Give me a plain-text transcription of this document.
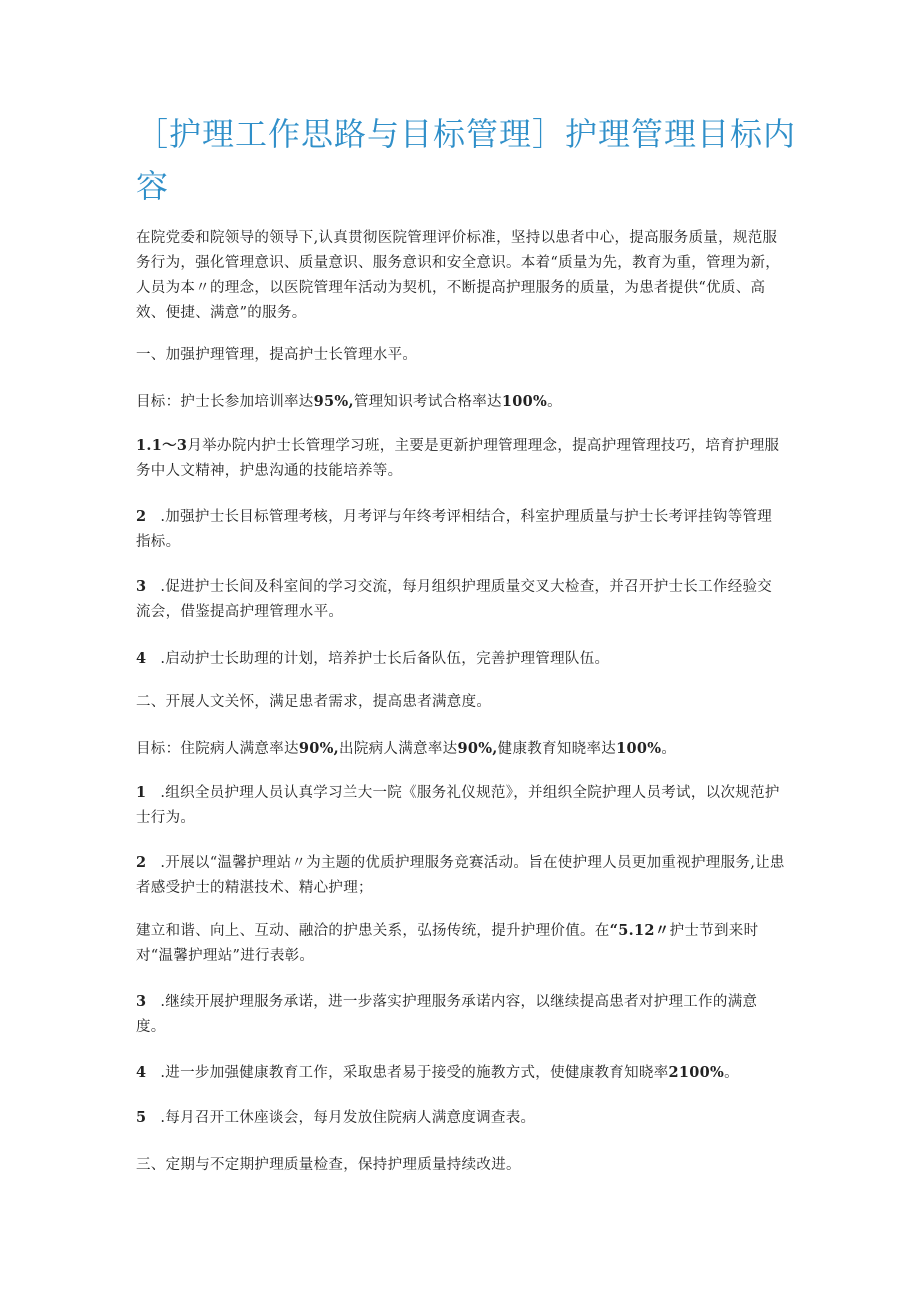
［护理工作思路与目标管理］护理管理目标内容

在院党委和院领导的领导下,认真贯彻医院管理评价标准，坚持以患者中心，提高服务质量，规范服务行为，强化管理意识、质量意识、服务意识和安全意识。本着“质量为先，教育为重，管理为新，人员为本〃的理念，以医院管理年活动为契机，不断提高护理服务的质量，为患者提供“优质、高效、便捷、满意”的服务。

一、加强护理管理，提高护士长管理水平。

目标：护士长参加培训率达95%,管理知识考试合格率达100%。

1.1～3月举办院内护士长管理学习班，主要是更新护理管理理念，提高护理管理技巧，培育护理服务中人文精神，护患沟通的技能培养等。

2 .加强护士长目标管理考核，月考评与年终考评相结合，科室护理质量与护士长考评挂钩等管理指标。

3 .促进护士长间及科室间的学习交流，每月组织护理质量交叉大检查，并召开护士长工作经验交流会，借鉴提高护理管理水平。

4 .启动护士长助理的计划，培养护士长后备队伍，完善护理管理队伍。

二、开展人文关怀，满足患者需求，提高患者满意度。

目标：住院病人满意率达90%,出院病人满意率达90%,健康教育知晓率达100%。

1 .组织全员护理人员认真学习兰大一院《服务礼仪规范》，并组织全院护理人员考试，以次规范护士行为。

2 .开展以“温馨护理站〃为主题的优质护理服务竞赛活动。旨在使护理人员更加重视护理服务,让患者感受护士的精湛技术、精心护理；

建立和谐、向上、互动、融洽的护患关系，弘扬传统，提升护理价值。在“5.12〃护士节到来时对“温馨护理站”进行表彰。

3 .继续开展护理服务承诺，进一步落实护理服务承诺内容，以继续提高患者对护理工作的满意度。

4 .进一步加强健康教育工作，采取患者易于接受的施教方式，使健康教育知晓率2100%。

5 .每月召开工休座谈会，每月发放住院病人满意度调查表。

三、定期与不定期护理质量检查，保持护理质量持续改进。
